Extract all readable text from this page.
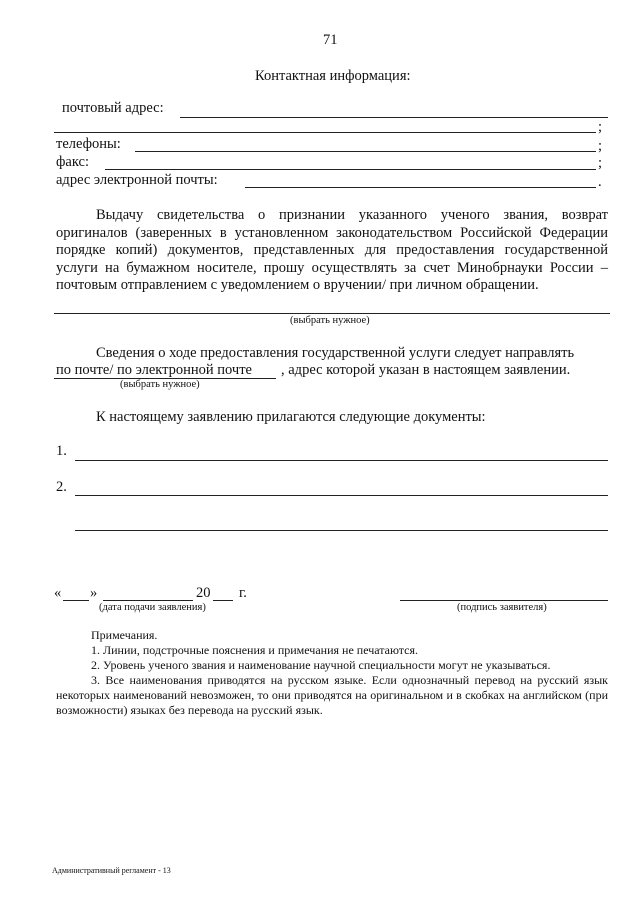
71
Контактная информация:
почтовый адрес:
;
телефоны:	;
факс:	;
адрес электронной почты:	.
Выдачу свидетельства о признании указанного ученого звания, возврат оригиналов (заверенных в установленном законодательством Российской Федерации порядке копий) документов, представленных для предоставления государственной услуги на бумажном носителе, прошу осуществлять за счет Минобрнауки России – почтовым отправлением с уведомлением о вручении/ при личном обращении.
(выбрать нужное)
Сведения о ходе предоставления государственной услуги следует направлять
по почте/ по электронной почте , адрес которой указан в настоящем заявлении.
(выбрать нужное)
К настоящему заявлению прилагаются следующие документы:
1.
2.
« »	20 г.
(дата подачи заявления)	(подпись заявителя)

Примечания.

1. Линии, подстрочные пояснения и примечания не печатаются.

2. Уровень ученого звания и наименование научной специальности могут не указываться.

3. Все наименования приводятся на русском языке. Если однозначный перевод на русский язык некоторых наименований невозможен, то они приводятся на оригинальном и в скобках на английском (при возможности) языках без перевода на русский язык.

Административный регламент - 13
